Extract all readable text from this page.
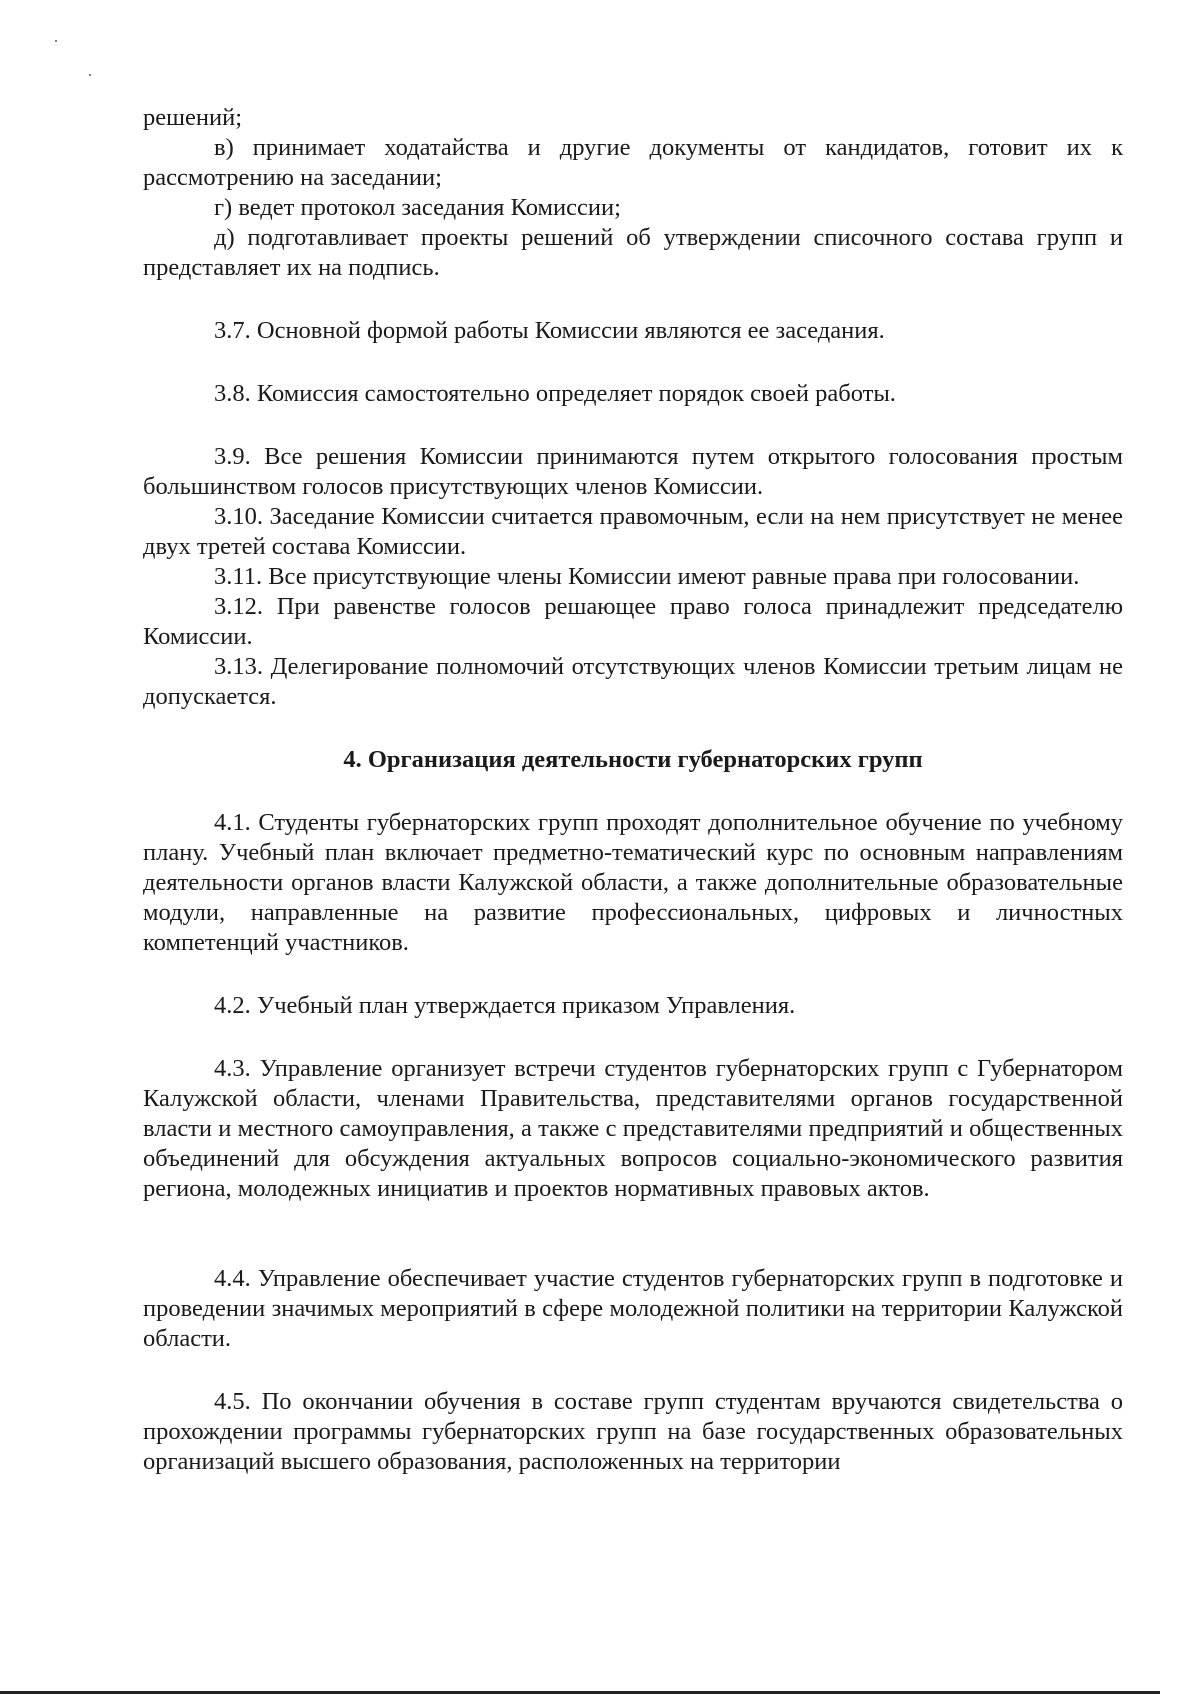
решений;

в) принимает ходатайства и другие документы от кандидатов, готовит их к рассмотрению на заседании;

г) ведет протокол заседания Комиссии;

д) подготавливает проекты решений об утверждении списочного состава групп и представляет их на подпись.

3.7. Основной формой работы Комиссии являются ее заседания.

3.8. Комиссия самостоятельно определяет порядок своей работы.

3.9. Все решения Комиссии принимаются путем открытого голосования простым большинством голосов присутствующих членов Комиссии.

3.10. Заседание Комиссии считается правомочным, если на нем присутствует не менее двух третей состава Комиссии.

3.11. Все присутствующие члены Комиссии имеют равные права при голосовании.

3.12. При равенстве голосов решающее право голоса принадлежит председателю Комиссии.

3.13. Делегирование полномочий отсутствующих членов Комиссии третьим лицам не допускается.

4. Организация деятельности губернаторских групп

4.1. Студенты губернаторских групп проходят дополнительное обучение по учебному плану. Учебный план включает предметно-тематический курс по основным направлениям деятельности органов власти Калужской области, а также дополнительные образовательные модули, направленные на развитие профессиональных, цифровых и личностных компетенций участников.

4.2. Учебный план утверждается приказом Управления.

4.3. Управление организует встречи студентов губернаторских групп с Губернатором Калужской области, членами Правительства, представителями органов государственной власти и местного самоуправления, а также с представителями предприятий и общественных объединений для обсуждения актуальных вопросов социально-экономического развития региона, молодежных инициатив и проектов нормативных правовых актов.

4.4. Управление обеспечивает участие студентов губернаторских групп в подготовке и проведении значимых мероприятий в сфере молодежной политики на территории Калужской области.

4.5. По окончании обучения в составе групп студентам вручаются свидетельства о прохождении программы губернаторских групп на базе государственных образовательных организаций высшего образования, расположенных на территории
